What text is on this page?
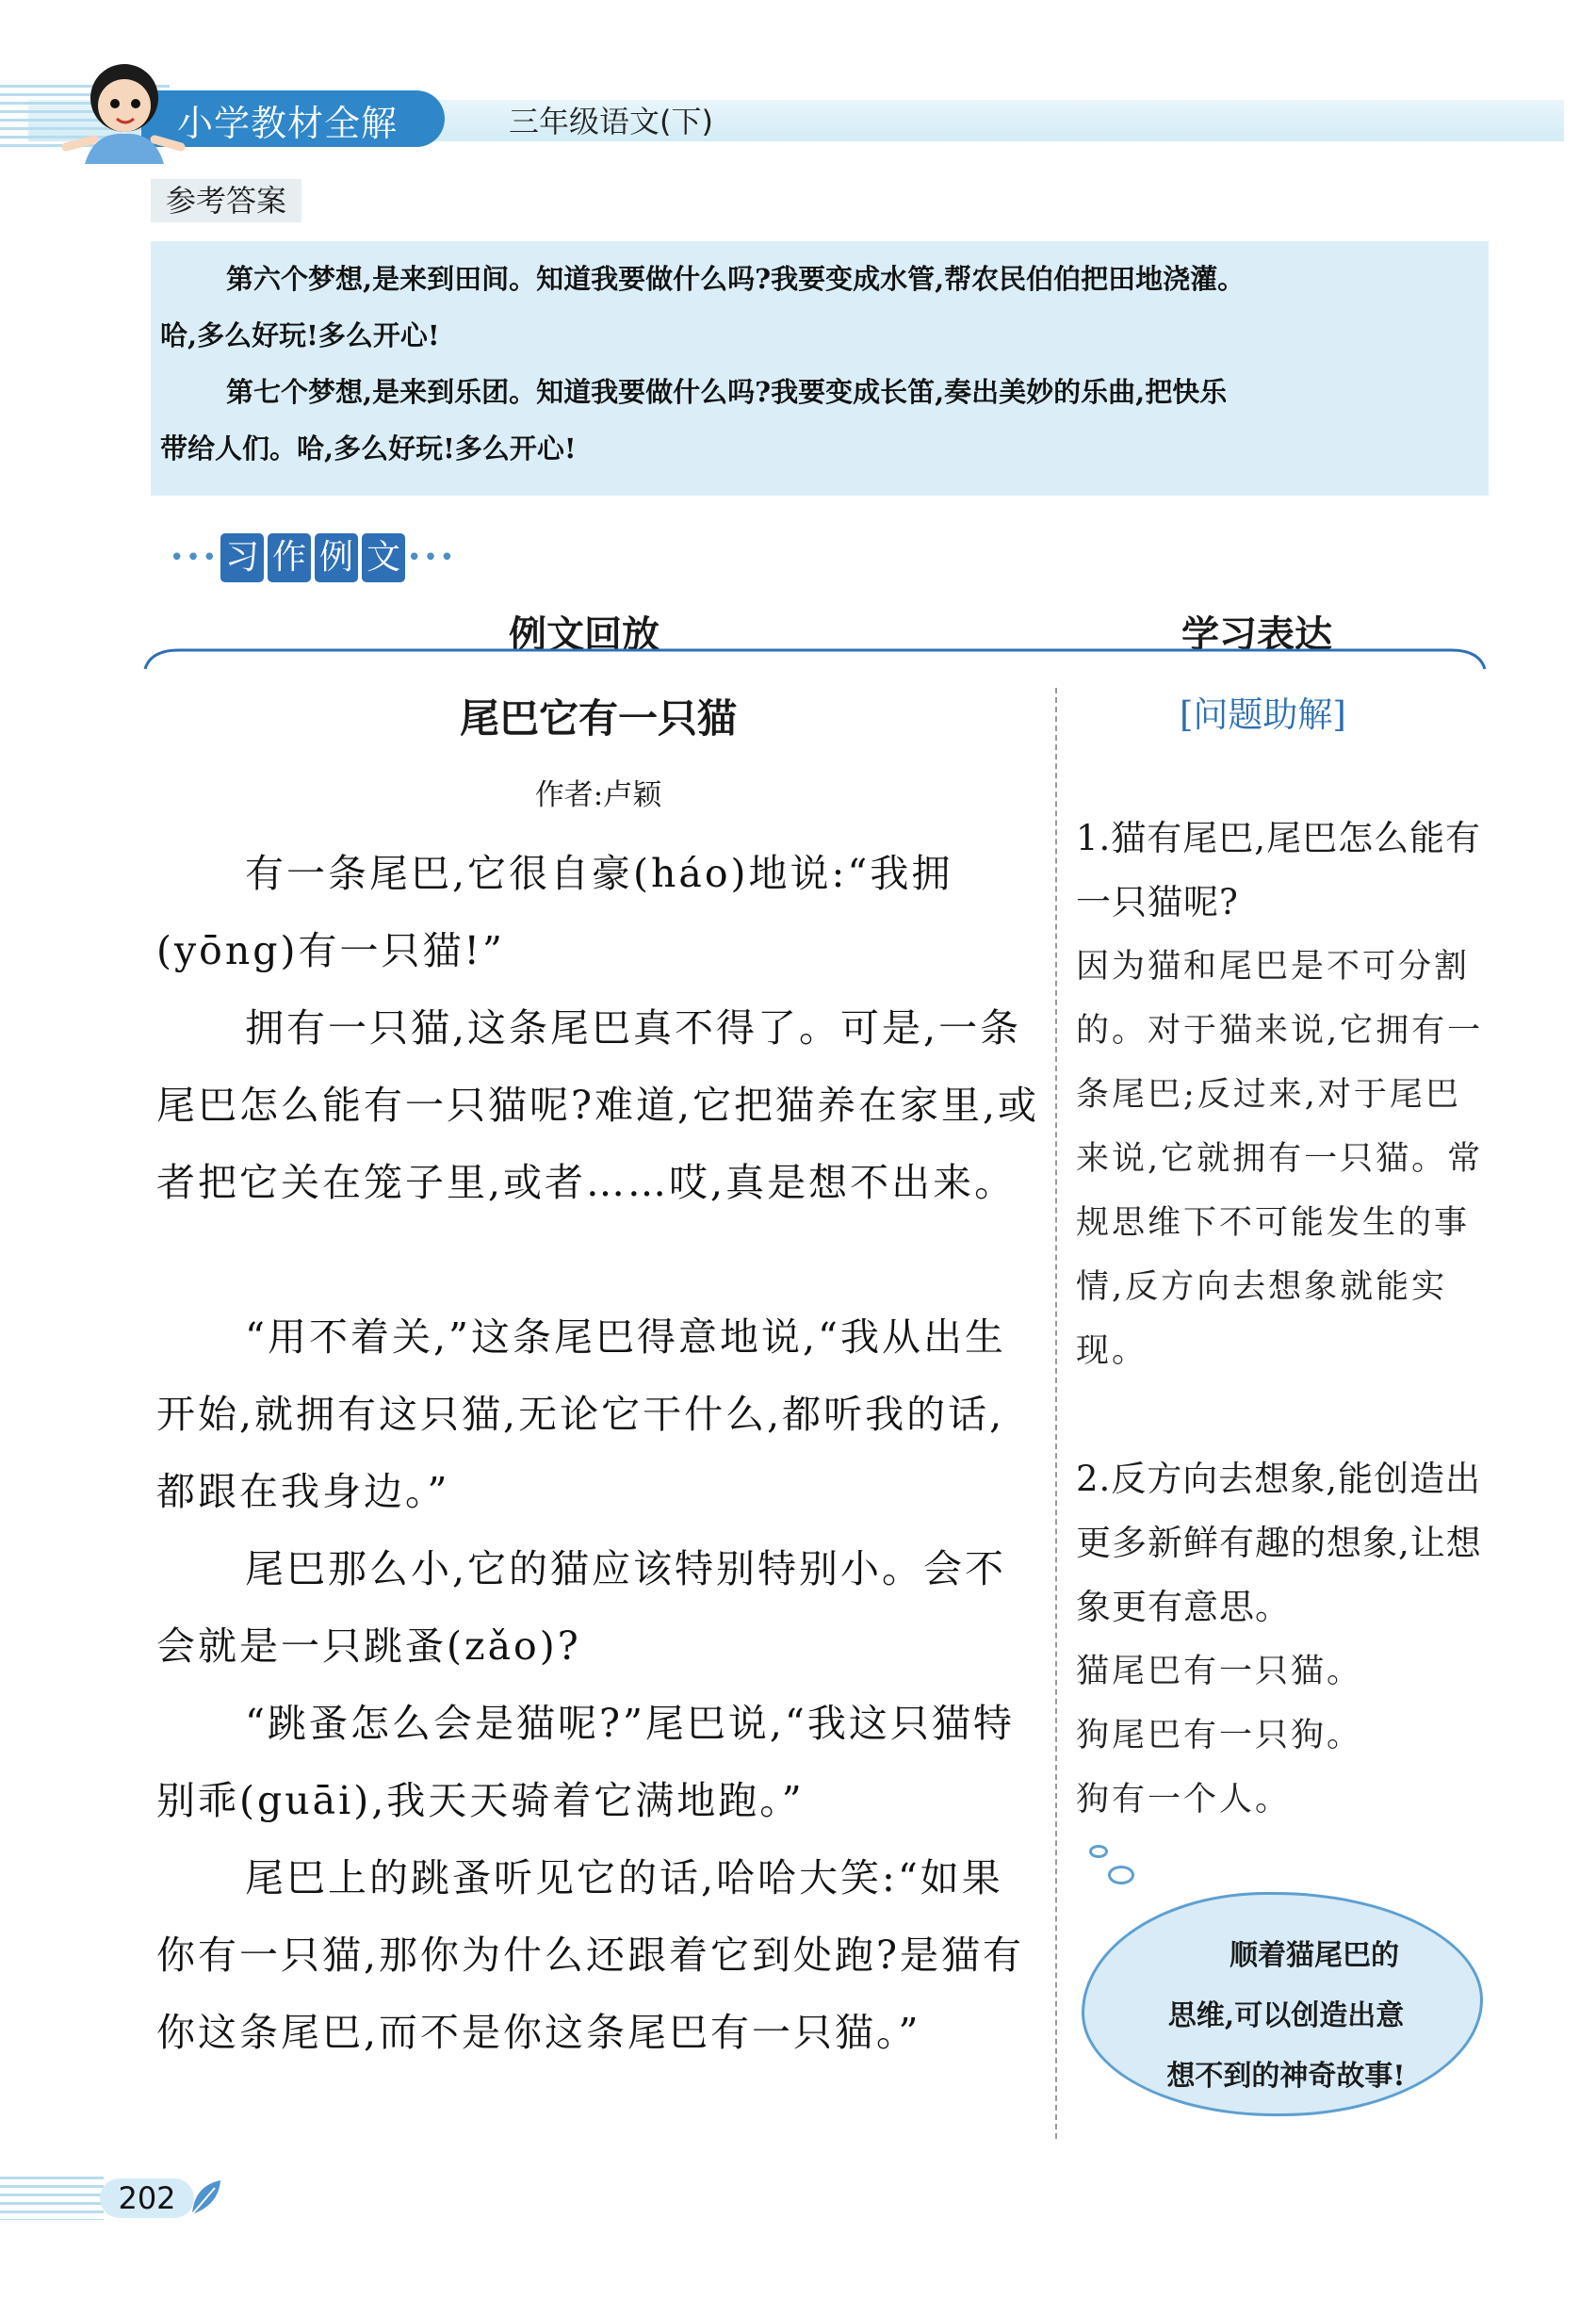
小学教材全解	三年级语文(下)
参考答案
第六个梦想,是来到田间。知道我要做什么吗?我要变成水管,帮农民伯伯把田地浇灌。
哈,多么好玩!多么开心!
第七个梦想,是来到乐团。知道我要做什么吗?我要变成长笛,奏出美妙的乐曲,把快乐
带给人们。哈,多么好玩!多么开心!
••• 习 作 例 文 •••
例文回放	学习表达
尾巴它有一只猫
作者:卢颖
有一条尾巴,它很自豪(háo)地说:“我拥(yōng)有一只猫!”
拥有一只猫,这条尾巴真不得了。可是,一条尾巴怎么能有一只猫呢?难道,它把猫养在家里,或者把它关在笼子里,或者……哎,真是想不出来。
“用不着关,”这条尾巴得意地说,“我从出生开始,就拥有这只猫,无论它干什么,都听我的话,都跟在我身边。”
尾巴那么小,它的猫应该特别特别小。会不会就是一只跳蚤(zǎo)?
“跳蚤怎么会是猫呢?”尾巴说,“我这只猫特别乖(guāi),我天天骑着它满地跑。”
尾巴上的跳蚤听见它的话,哈哈大笑:“如果你有一只猫,那你为什么还跟着它到处跑?是猫有你这条尾巴,而不是你这条尾巴有一只猫。”
[问题助解]
1.猫有尾巴,尾巴怎么能有一只猫呢?
因为猫和尾巴是不可分割的。对于猫来说,它拥有一条尾巴;反过来,对于尾巴来说,它就拥有一只猫。常规思维下不可能发生的事情,反方向去想象就能实现。
2.反方向去想象,能创造出更多新鲜有趣的想象,让想象更有意思。
猫尾巴有一只猫。
狗尾巴有一只狗。
狗有一个人。
顺着猫尾巴的
思维,可以创造出意
想不到的神奇故事!
202
